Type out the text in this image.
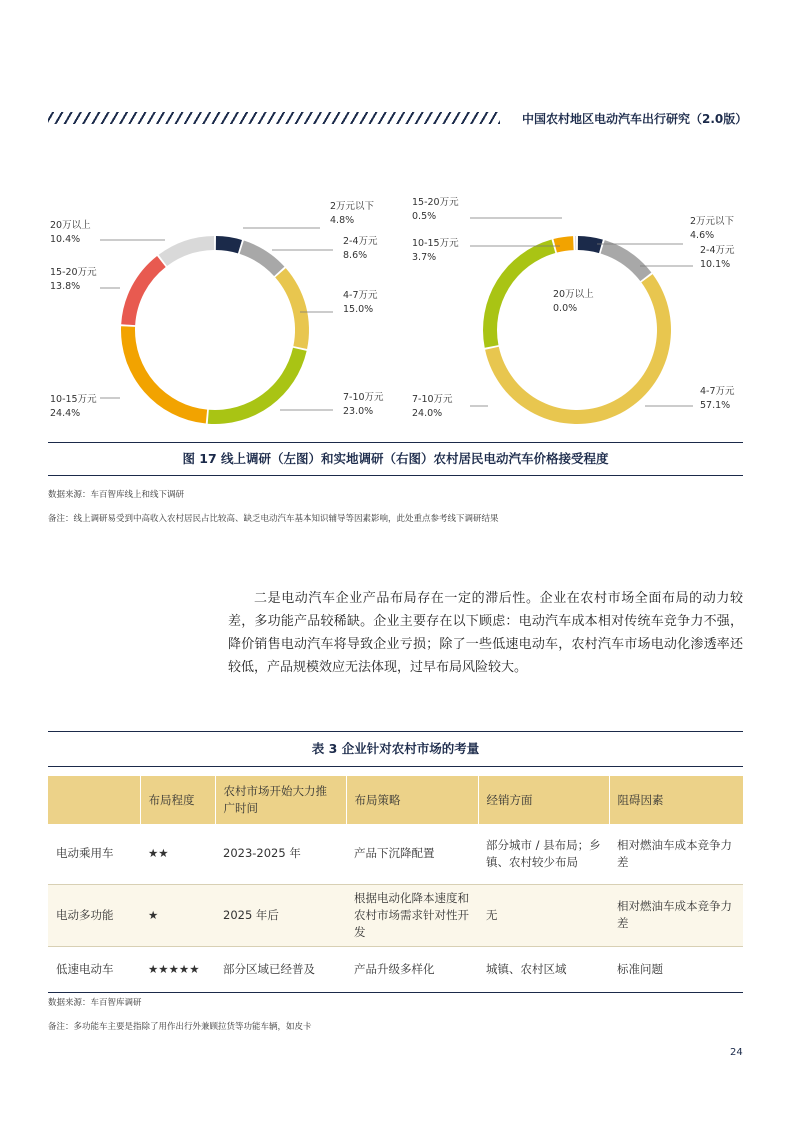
中国农村地区电动汽车出行研究（2.0版）
2万元以下
4.8%
2-4万元
8.6%
4-7万元
15.0%
7-10万元
23.0%
10-15万元
24.4%
15-20万元
13.8%
20万以上
10.4%
2万元以下
4.6%
2-4万元
10.1%
4-7万元
57.1%
20万以上
0.0%
7-10万元
24.0%
10-15万元
3.7%
15-20万元
0.5%
图 17 线上调研（左图）和实地调研（右图）农村居民电动汽车价格接受程度
数据来源：车百智库线上和线下调研
备注：线上调研易受到中高收入农村居民占比较高、缺乏电动汽车基本知识辅导等因素影响，此处重点参考线下调研结果

二是电动汽车企业产品布局存在一定的滞后性。企业在农村市场全面布局的动力较差，多功能产品较稀缺。企业主要存在以下顾虑：电动汽车成本相对传统车竞争力不强，降价销售电动汽车将导致企业亏损；除了一些低速电动车，农村汽车市场电动化渗透率还较低，产品规模效应无法体现，过早布局风险较大。

表 3 企业针对农村市场的考量
	布局程度	农村市场开始大力推广时间	布局策略	经销方面	阻碍因素
电动乘用车	★★	2023-2025 年	产品下沉降配置	部分城市 / 县布局；乡镇、农村较少布局	相对燃油车成本竞争力差
电动多功能	★	2025 年后	根据电动化降本速度和农村市场需求针对性开发	无	相对燃油车成本竞争力差
低速电动车	★★★★★	部分区域已经普及	产品升级多样化	城镇、农村区域	标准问题
数据来源：车百智库调研
备注：多功能车主要是指除了用作出行外兼顾拉货等功能车辆，如皮卡
24
